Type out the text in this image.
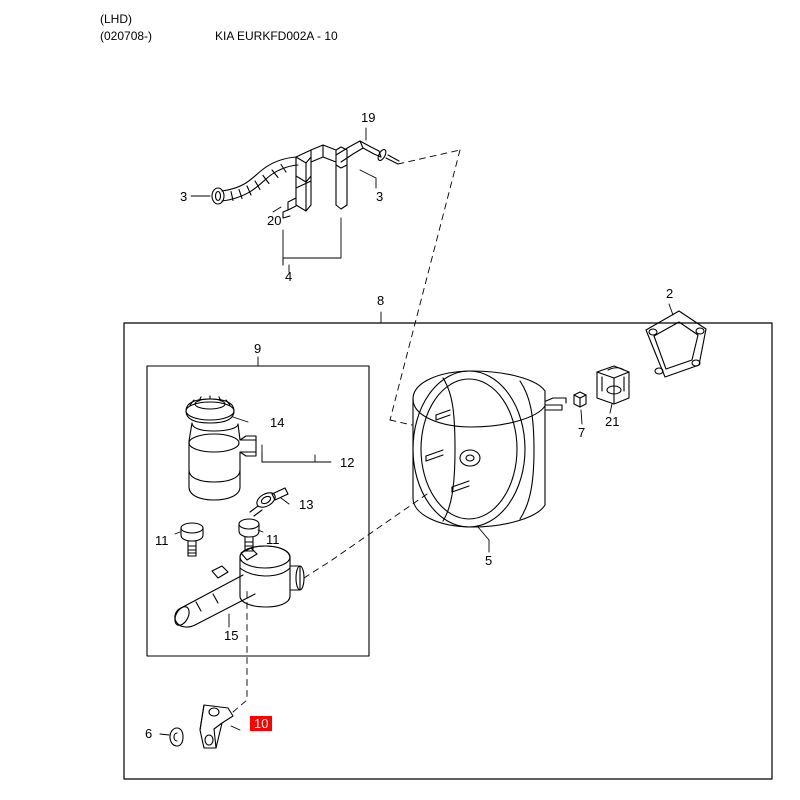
(LHD)
(020708-)	KIA EURKFD002A - 10
3
20
19
3
4
8	2
9
14
12
13
7
21
11	11
5
15
6
10
